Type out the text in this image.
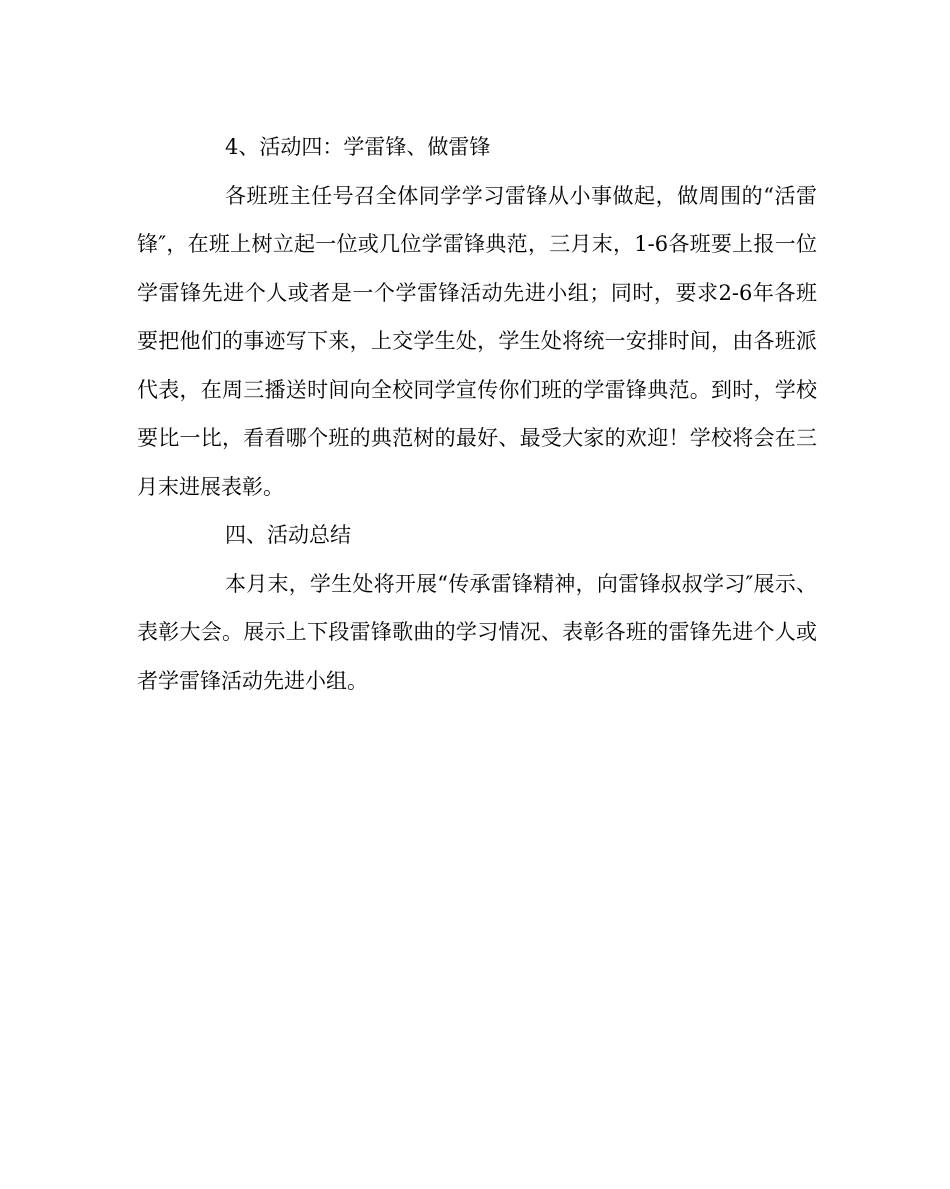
4、活动四：学雷锋、做雷锋

各班班主任号召全体同学学习雷锋从小事做起，做周围的“活雷锋″，在班上树立起一位或几位学雷锋典范，三月末，1-6各班要上报一位学雷锋先进个人或者是一个学雷锋活动先进小组；同时，要求2-6年各班要把他们的事迹写下来，上交学生处，学生处将统一安排时间，由各班派代表，在周三播送时间向全校同学宣传你们班的学雷锋典范。到时，学校要比一比，看看哪个班的典范树的最好、最受大家的欢迎！学校将会在三月末进展表彰。

四、活动总结

本月末，学生处将开展“传承雷锋精神，向雷锋叔叔学习″展示、表彰大会。展示上下段雷锋歌曲的学习情况、表彰各班的雷锋先进个人或者学雷锋活动先进小组。
